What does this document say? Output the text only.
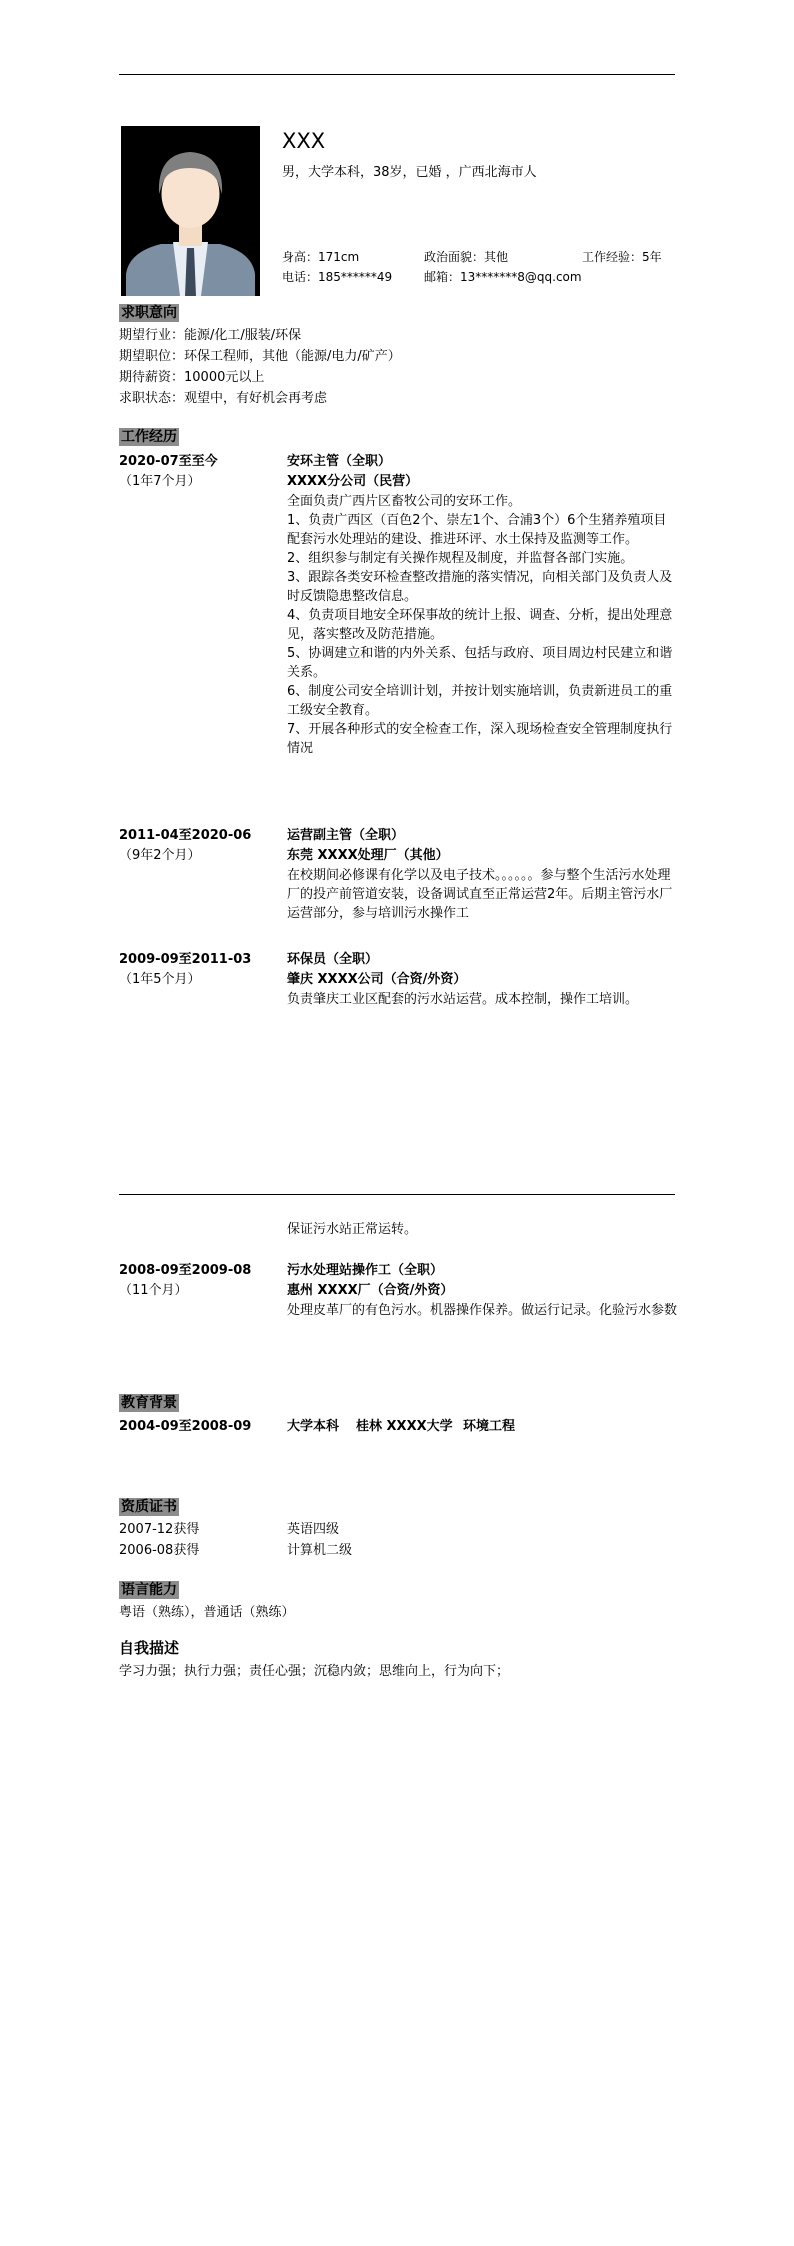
XXX
男，大学本科，38岁，已婚 ，广西北海市人
身高：171cm	政治面貌：其他	工作经验：5年
电话：185******49	邮箱：13*******8@qq.com
求职意向
期望行业：能源/化工/服装/环保
期望职位：环保工程师，其他（能源/电力/矿产）
期待薪资：10000元以上
求职状态：观望中，有好机会再考虑
工作经历
2020-07至至今
（1年7个月）
安环主管（全职）
XXXX分公司（民营）
全面负责广西片区畜牧公司的安环工作。
1、负责广西区（百色2个、崇左1个、合浦3个）6个生猪养殖项目配套污水处理站的建设、推进环评、水土保持及监测等工作。
2、组织参与制定有关操作规程及制度，并监督各部门实施。
3、跟踪各类安环检查整改措施的落实情况，向相关部门及负责人及时反馈隐患整改信息。
4、负责项目地安全环保事故的统计上报、调查、分析，提出处理意见，落实整改及防范措施。
5、协调建立和谐的内外关系、包括与政府、项目周边村民建立和谐关系。
6、制度公司安全培训计划，并按计划实施培训，负责新进员工的重工级安全教育。
7、开展各种形式的安全检查工作，深入现场检查安全管理制度执行情况
2011-04至2020-06
（9年2个月）
运营副主管（全职）
东莞 XXXX处理厂（其他）
在校期间必修课有化学以及电子技术。。。。。。参与整个生活污水处理厂的投产前管道安装，设备调试直至正常运营2年。后期主管污水厂运营部分，参与培训污水操作工
2009-09至2011-03
（1年5个月）
环保员（全职）
肇庆 XXXX公司（合资/外资）
负责肇庆工业区配套的污水站运营。成本控制，操作工培训。
保证污水站正常运转。
2008-09至2009-08
（11个月）
污水处理站操作工（全职）
惠州 XXXX厂（合资/外资）
处理皮革厂的有色污水。机器操作保养。做运行记录。化验污水参数
教育背景
2004-09至2008-09	大学本科 桂林 XXXX大学 环境工程
资质证书
2007-12获得	英语四级
2006-08获得	计算机二级
语言能力
粤语（熟练），普通话（熟练）
自我描述
学习力强；执行力强；责任心强；沉稳内敛；思维向上，行为向下；
